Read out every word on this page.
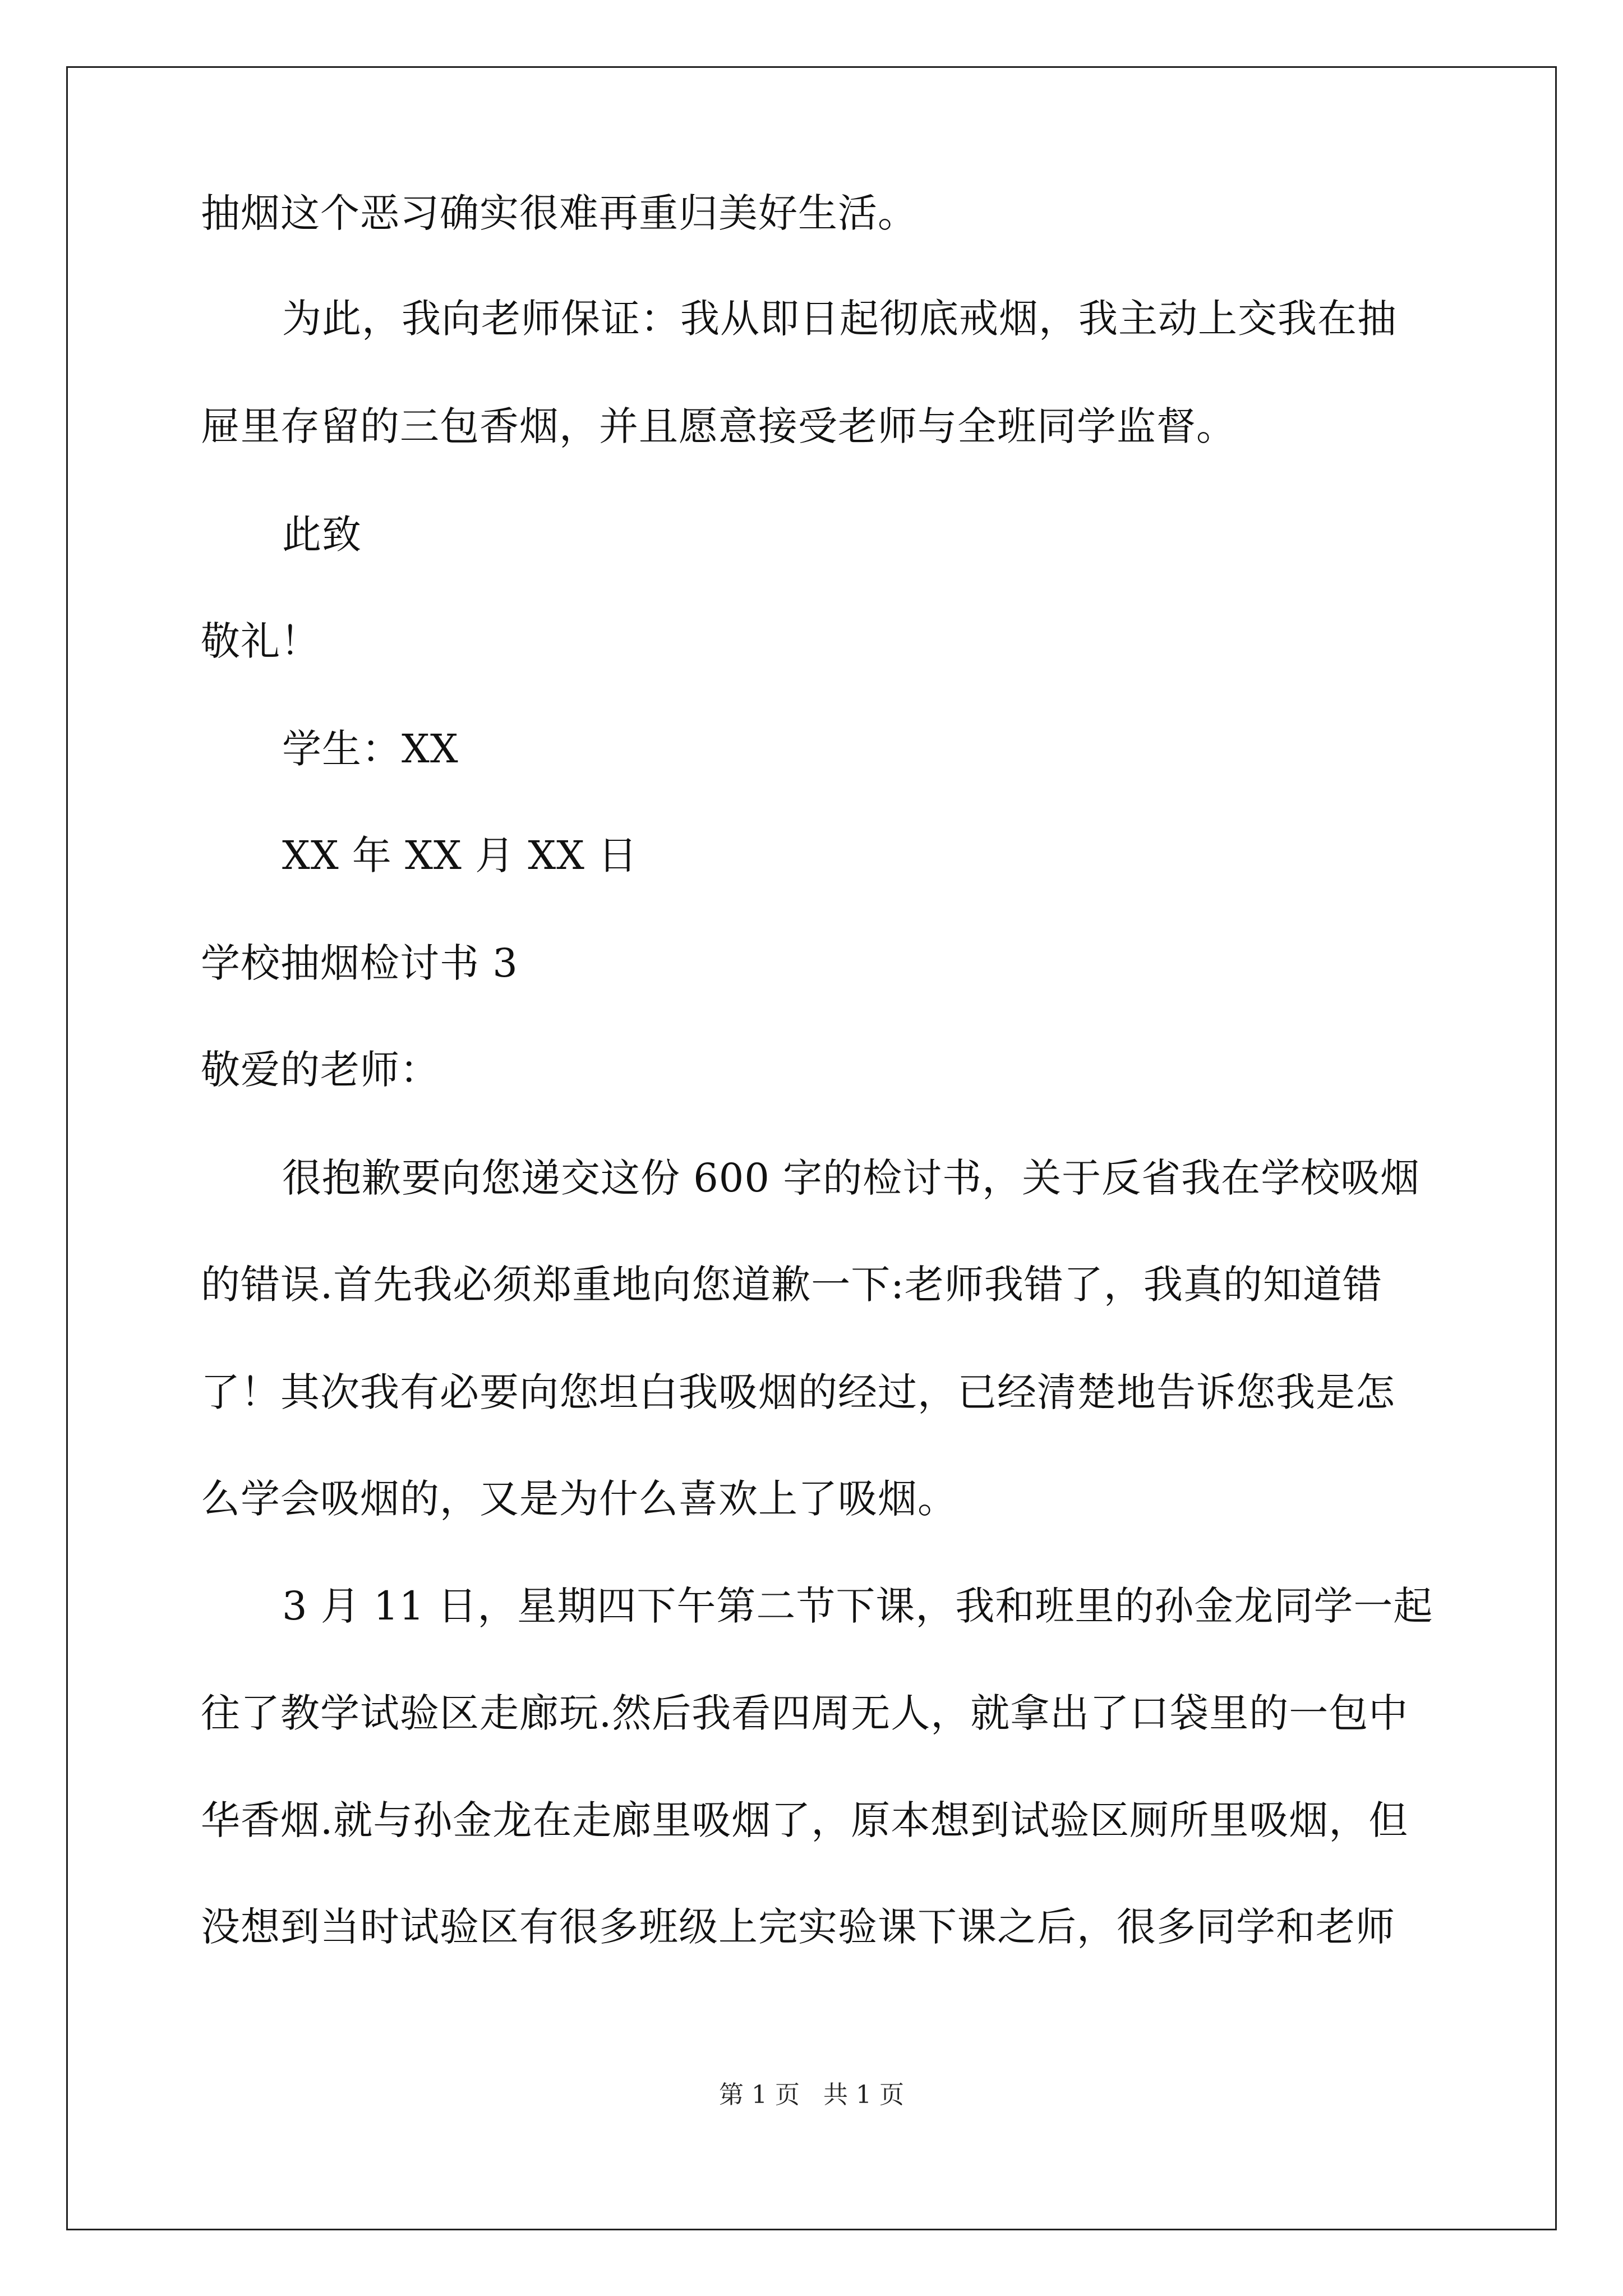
抽烟这个恶习确实很难再重归美好生活。
为此，我向老师保证：我从即日起彻底戒烟，我主动上交我在抽
屉里存留的三包香烟，并且愿意接受老师与全班同学监督。
此致
敬礼！
学生：XX
XX 年 XX 月 XX 日
学校抽烟检讨书 3
敬爱的老师：
很抱歉要向您递交这份 600 字的检讨书，关于反省我在学校吸烟
的错误.首先我必须郑重地向您道歉一下:老师我错了，我真的知道错
了！其次我有必要向您坦白我吸烟的经过，已经清楚地告诉您我是怎
么学会吸烟的，又是为什么喜欢上了吸烟。
3 月 11 日，星期四下午第二节下课，我和班里的孙金龙同学一起
往了教学试验区走廊玩.然后我看四周无人，就拿出了口袋里的一包中
华香烟.就与孙金龙在走廊里吸烟了，原本想到试验区厕所里吸烟，但
没想到当时试验区有很多班级上完实验课下课之后，很多同学和老师
第 1 页   共 1 页
